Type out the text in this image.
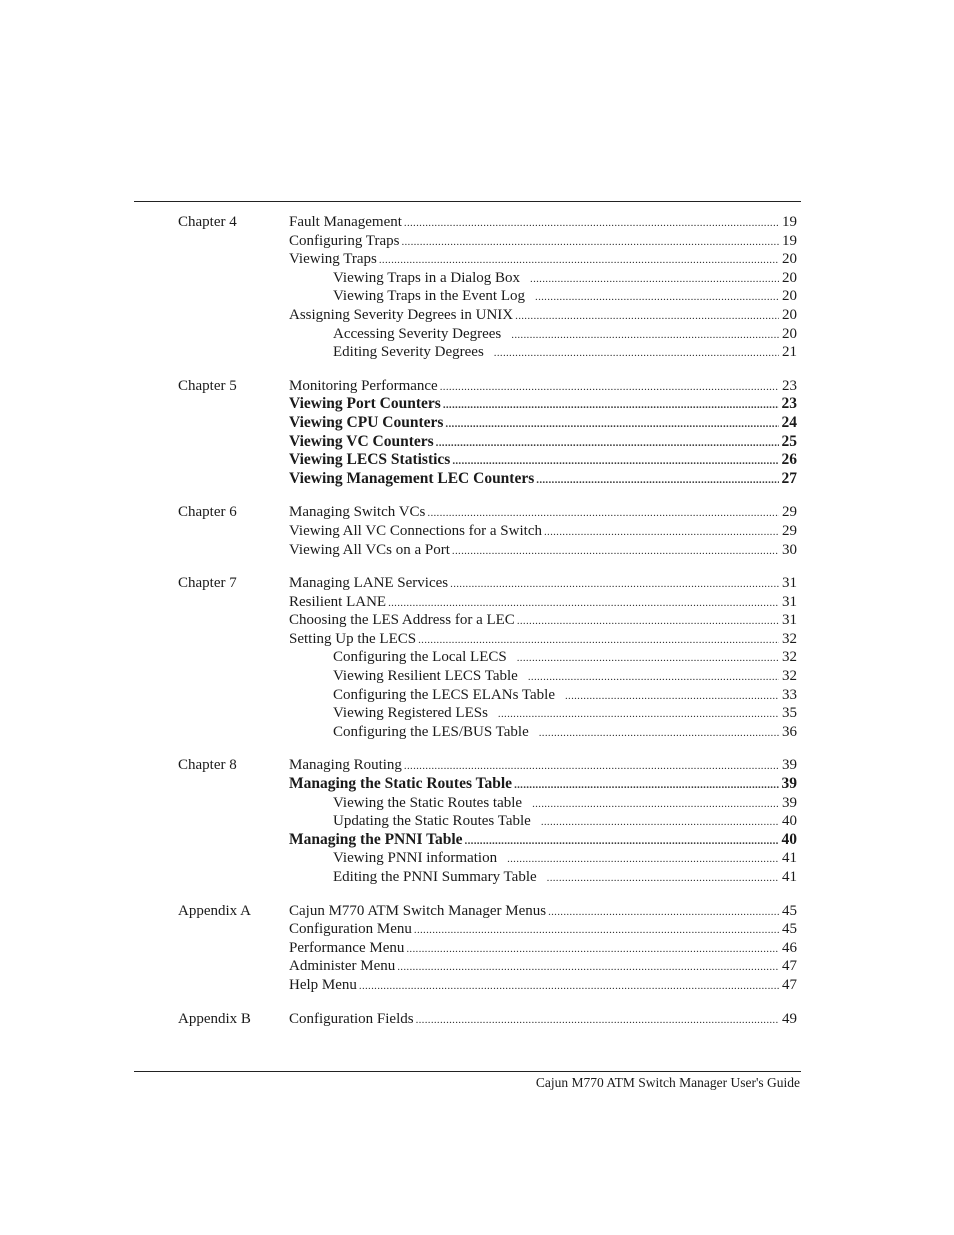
Chapter 4	Fault Management .....	19
Configuring Traps .....	19
Viewing Traps .....	20
Viewing Traps in a Dialog Box .....	20
Viewing Traps in the Event Log .....	20
Assigning Severity Degrees in UNIX .....	20
Accessing Severity Degrees .....	20
Editing Severity Degrees .....	21

Chapter 5	Monitoring Performance .....	23
Viewing Port Counters .....	23
Viewing CPU Counters .....	24
Viewing VC Counters .....	25
Viewing LECS Statistics .....	26
Viewing Management LEC Counters .....	27

Chapter 6	Managing Switch VCs .....	29
Viewing All VC Connections for a Switch .....	29
Viewing All VCs on a Port .....	30

Chapter 7	Managing LANE Services .....	31
Resilient LANE .....	31
Choosing the LES Address for a LEC .....	31
Setting Up the LECS .....	32
Configuring the Local LECS .....	32
Viewing Resilient LECS Table .....	32
Configuring the LECS ELANs Table .....	33
Viewing Registered LESs .....	35
Configuring the LES/BUS Table .....	36

Chapter 8	Managing Routing .....	39
Managing the Static Routes Table .....	39
Viewing the Static Routes table .....	39
Updating the Static Routes Table .....	40
Managing the PNNI Table .....	40
Viewing PNNI information .....	41
Editing the PNNI Summary Table .....	41

Appendix A	Cajun M770 ATM Switch Manager Menus .....	45
Configuration Menu .....	45
Performance Menu .....	46
Administer Menu .....	47
Help Menu .....	47

Appendix B	Configuration Fields .....	49

Cajun M770 ATM Switch Manager User's Guide
